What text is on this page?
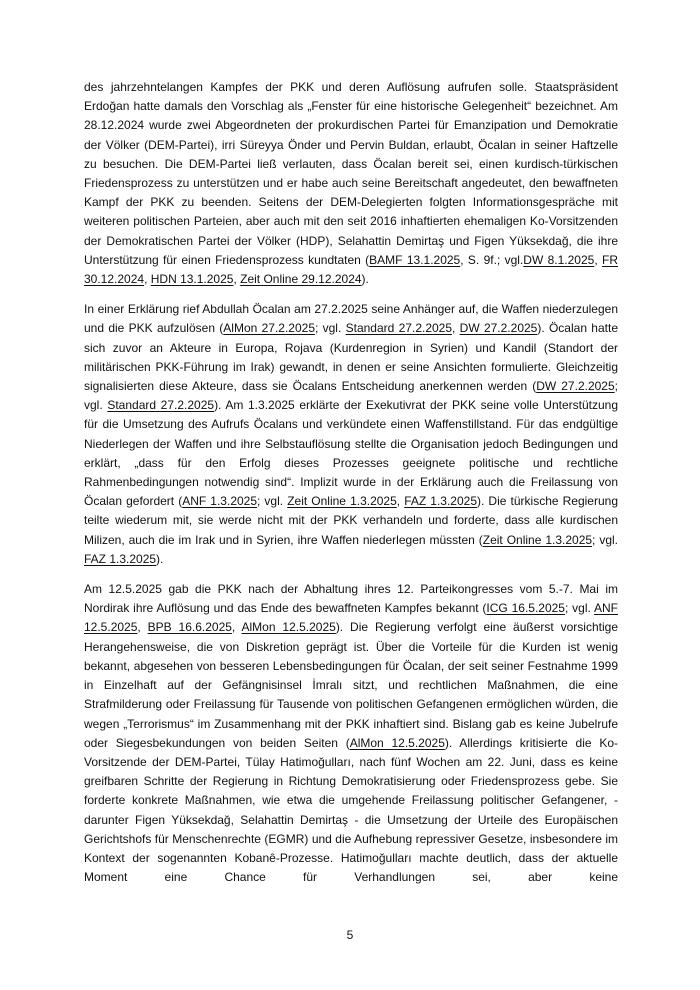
des jahrzehntelangen Kampfes der PKK und deren Auflösung aufrufen solle. Staatspräsident Erdoğan hatte damals den Vorschlag als „Fenster für eine historische Gelegenheit“ bezeichnet. Am 28.12.2024 wurde zwei Abgeordneten der prokurdischen Partei für Emanzipation und Demokratie der Völker (DEM-Partei), irri Süreyya Önder und Pervin Buldan, erlaubt, Öcalan in seiner Haftzelle zu besuchen. Die DEM-Partei ließ verlauten, dass Öcalan bereit sei, einen kurdisch-türkischen Friedensprozess zu unterstützen und er habe auch seine Bereitschaft angedeutet, den bewaffneten Kampf der PKK zu beenden. Seitens der DEM-Delegierten folgten Informationsgespräche mit weiteren politischen Parteien, aber auch mit den seit 2016 inhaftierten ehemaligen Ko-Vorsitzenden der Demokratischen Partei der Völker (HDP), Selahattin Demirtaş und Figen Yüksekdağ, die ihre Unterstützung für einen Friedensprozess kundtaten (BAMF 13.1.2025, S. 9f.; vgl.DW 8.1.2025, FR 30.12.2024, HDN 13.1.2025, Zeit Online 29.12.2024).

In einer Erklärung rief Abdullah Öcalan am 27.2.2025 seine Anhänger auf, die Waffen niederzulegen und die PKK aufzulösen (AlMon 27.2.2025; vgl. Standard 27.2.2025, DW 27.2.2025). Öcalan hatte sich zuvor an Akteure in Europa, Rojava (Kurdenregion in Syrien) und Kandil (Standort der militärischen PKK-Führung im Irak) gewandt, in denen er seine Ansichten formulierte. Gleichzeitig signalisierten diese Akteure, dass sie Öcalans Entscheidung anerkennen werden (DW 27.2.2025; vgl. Standard 27.2.2025). Am 1.3.2025 erklärte der Exekutivrat der PKK seine volle Unterstützung für die Umsetzung des Aufrufs Öcalans und verkündete einen Waffenstillstand. Für das endgültige Niederlegen der Waffen und ihre Selbstauflösung stellte die Organisation jedoch Bedingungen und erklärt, „dass für den Erfolg dieses Prozesses geeignete politische und rechtliche Rahmenbedingungen notwendig sind“. Implizit wurde in der Erklärung auch die Freilassung von Öcalan gefordert (ANF 1.3.2025; vgl. Zeit Online 1.3.2025, FAZ 1.3.2025). Die türkische Regierung teilte wiederum mit, sie werde nicht mit der PKK verhandeln und forderte, dass alle kurdischen Milizen, auch die im Irak und in Syrien, ihre Waffen niederlegen müssten (Zeit Online 1.3.2025; vgl. FAZ 1.3.2025).

Am 12.5.2025 gab die PKK nach der Abhaltung ihres 12. Parteikongresses vom 5.-7. Mai im Nordirak ihre Auflösung und das Ende des bewaffneten Kampfes bekannt (ICG 16.5.2025; vgl. ANF 12.5.2025, BPB 16.6.2025, AlMon 12.5.2025). Die Regierung verfolgt eine äußerst vorsichtige Herangehensweise, die von Diskretion geprägt ist. Über die Vorteile für die Kurden ist wenig bekannt, abgesehen von besseren Lebensbedingungen für Öcalan, der seit seiner Festnahme 1999 in Einzelhaft auf der Gefängnisinsel İmralı sitzt, und rechtlichen Maßnahmen, die eine Strafmilderung oder Freilassung für Tausende von politischen Gefangenen ermöglichen würden, die wegen „Terrorismus“ im Zusammenhang mit der PKK inhaftiert sind. Bislang gab es keine Jubelrufe oder Siegesbekundungen von beiden Seiten (AlMon 12.5.2025). Allerdings kritisierte die Ko-Vorsitzende der DEM-Partei, Tülay Hatimoğulları, nach fünf Wochen am 22. Juni, dass es keine greifbaren Schritte der Regierung in Richtung Demokratisierung oder Friedensprozess gebe. Sie forderte konkrete Maßnahmen, wie etwa die umgehende Freilassung politischer Gefangener, - darunter Figen Yüksekdağ, Selahattin Demirtaş - die Umsetzung der Urteile des Europäischen Gerichtshofs für Menschenrechte (EGMR) und die Aufhebung repressiver Gesetze, insbesondere im Kontext der sogenannten Kobanê-Prozesse. Hatimoğulları machte deutlich, dass der aktuelle Moment eine Chance für Verhandlungen sei, aber keine

5
